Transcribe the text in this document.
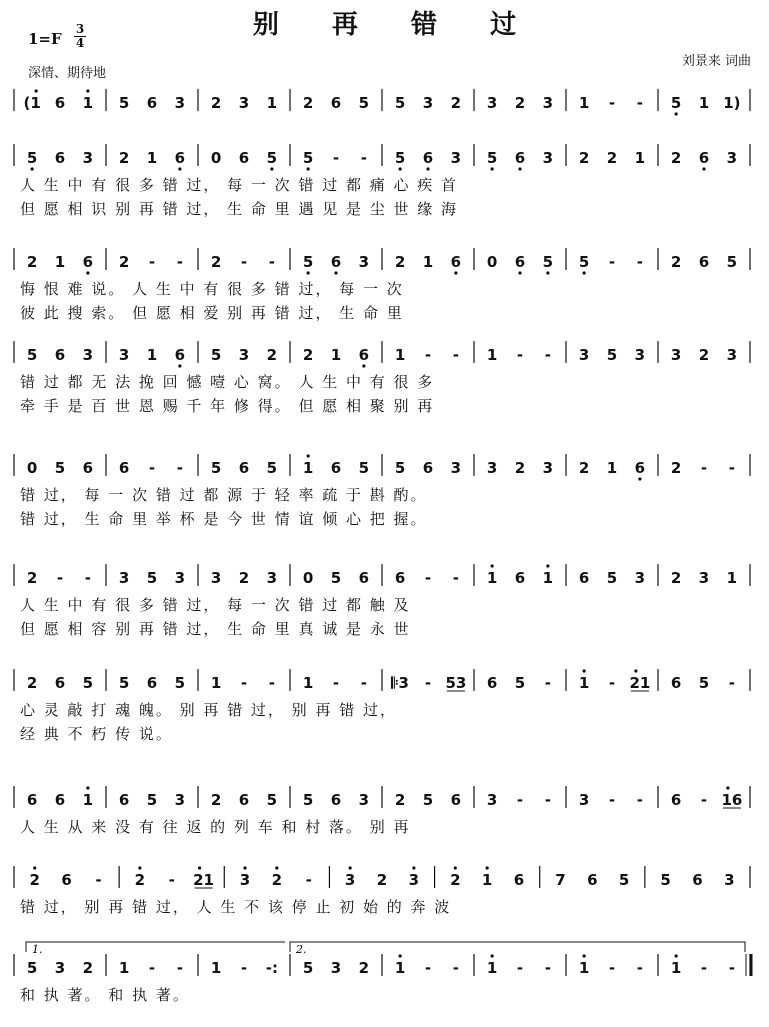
别 再 错 过
1=F
3
4
深情、期待地
刘景来 词曲
(1 6 1 5 6 3 2 3 1 2 6 5 5 3 2 3 2 3 1 - - 5 1 1)
5 6 3 2 1 6 0 6 5 5 - - 5 6 3 5 6 3 2 2 1 2 6 3
2 1 6 2 - - 2 - - 5 6 3 2 1 6 0 6 5 5 - - 2 6 5
5 6 3 3 1 6 5 3 2 2 1 6 1 - - 1 - - 3 5 3 3 2 3
0 5 6 6 - - 5 6 5 1 6 5 5 6 3 3 2 3 2 1 6 2 - -
2 - - 3 5 3 3 2 3 0 5 6 6 - - 1 6 1 6 5 3 2 3 1
2 6 5 5 6 5 1 - - 1 - - 𝄆3 - 53 6 5 - 1 - 21 6 5 -
6 6 1 6 5 3 2 6 5 5 6 3 2 5 6 3 - - 3 - - 6 - 16
2 6 - 2 - 21 3 2 - 3 2 3 2 1 6 7 6 5 5 6 3
5 3 2 1 - - 1 - -: 5 3 2 1 - - 1 - - 1 - - 1 - -
1.	2.
人 生 中 有 很 多 错 过， 每 一 次 错 过 都 痛 心 疾 首
但 愿 相 识 别 再 错 过， 生 命 里 遇 见 是 尘 世 缘 海
悔 恨 难 说。 人 生 中 有 很 多 错 过， 每 一 次
彼 此 搜 索。 但 愿 相 爱 别 再 错 过， 生 命 里
错 过 都 无 法 挽 回 憾 噎 心 窝。 人 生 中 有 很 多
牵 手 是 百 世 恩 赐 千 年 修 得。 但 愿 相 聚 别 再
错 过， 每 一 次 错 过 都 源 于 轻 率 疏 于 斟 酌。
错 过， 生 命 里 举 杯 是 今 世 情 谊 倾 心 把 握。
人 生 中 有 很 多 错 过， 每 一 次 错 过 都 触 及
但 愿 相 容 别 再 错 过， 生 命 里 真 诚 是 永 世
心 灵 敲 打 魂 魄。 别 再 错 过， 别 再 错 过，
经 典 不 朽 传 说。
人 生 从 来 没 有 往 返 的 列 车 和 村 落。 别 再
错 过， 别 再 错 过， 人 生 不 该 停 止 初 始 的 奔 波
和 执 著。 和 执 著。
